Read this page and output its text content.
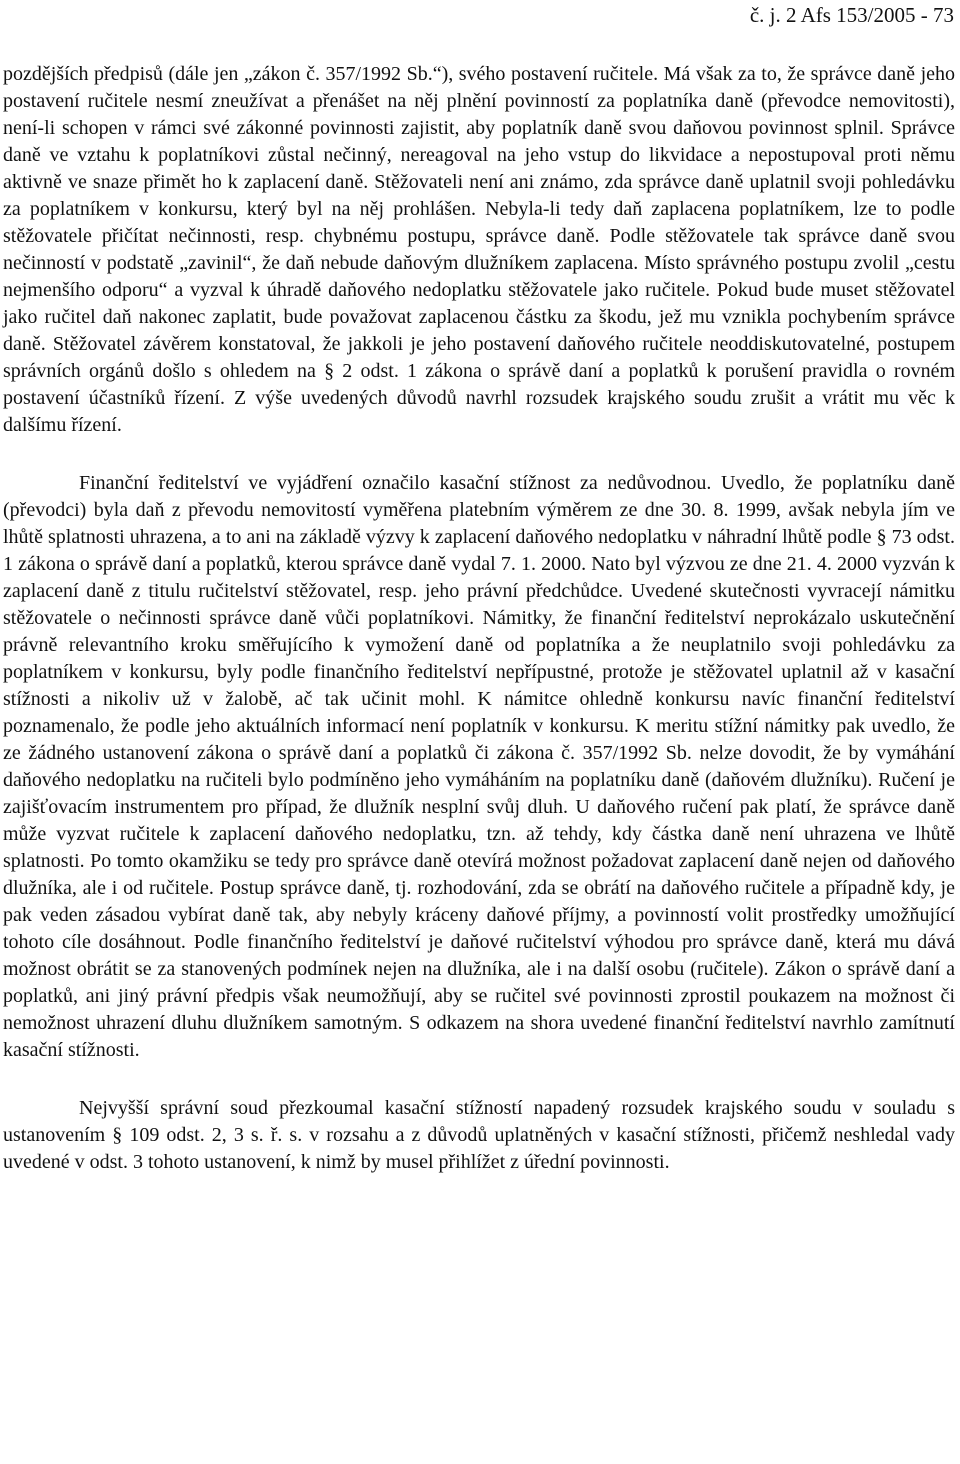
č. j. 2 Afs 153/2005 - 73

pozdějších předpisů (dále jen „zákon č. 357/1992 Sb.“), svého postavení ručitele. Má však za to, že správce daně jeho postavení ručitele nesmí zneužívat a přenášet na něj plnění povinností za poplatníka daně (převodce nemovitosti), není-li schopen v rámci své zákonné povinnosti zajistit, aby poplatník daně svou daňovou povinnost splnil. Správce daně ve vztahu k poplatníkovi zůstal nečinný, nereagoval na jeho vstup do likvidace a nepostupoval proti němu aktivně ve snaze přimět ho k zaplacení daně. Stěžovateli není ani známo, zda správce daně uplatnil svoji pohledávku za poplatníkem v konkursu, který byl na něj prohlášen. Nebyla-li tedy daň zaplacena poplatníkem, lze to podle stěžovatele přičítat nečinnosti, resp. chybnému postupu, správce daně. Podle stěžovatele tak správce daně svou nečinností v podstatě „zavinil“, že daň nebude daňovým dlužníkem zaplacena. Místo správného postupu zvolil „cestu nejmenšího odporu“ a vyzval k úhradě daňového nedoplatku stěžovatele jako ručitele. Pokud bude muset stěžovatel jako ručitel daň nakonec zaplatit, bude považovat zaplacenou částku za škodu, jež mu vznikla pochybením správce daně. Stěžovatel závěrem konstatoval, že jakkoli je jeho postavení daňového ručitele neoddiskutovatelné, postupem správních orgánů došlo s ohledem na § 2 odst. 1 zákona o správě daní a poplatků k porušení pravidla o rovném postavení účastníků řízení. Z výše uvedených důvodů navrhl rozsudek krajského soudu zrušit a vrátit mu věc k dalšímu řízení.

Finanční ředitelství ve vyjádření označilo kasační stížnost za nedůvodnou. Uvedlo, že poplatníku daně (převodci) byla daň z převodu nemovitostí vyměřena platebním výměrem ze dne 30. 8. 1999, avšak nebyla jím ve lhůtě splatnosti uhrazena, a to ani na základě výzvy k zaplacení daňového nedoplatku v náhradní lhůtě podle § 73 odst. 1 zákona o správě daní a poplatků, kterou správce daně vydal 7. 1. 2000. Nato byl výzvou ze dne 21. 4. 2000 vyzván k zaplacení daně z titulu ručitelství stěžovatel, resp. jeho právní předchůdce. Uvedené skutečnosti vyvracejí námitku stěžovatele o nečinnosti správce daně vůči poplatníkovi. Námitky, že finanční ředitelství neprokázalo uskutečnění právně relevantního kroku směřujícího k vymožení daně od poplatníka a že neuplatnilo svoji pohledávku za poplatníkem v konkursu, byly podle finančního ředitelství nepřípustné, protože je stěžovatel uplatnil až v kasační stížnosti a nikoliv už v žalobě, ač tak učinit mohl. K námitce ohledně konkursu navíc finanční ředitelství poznamenalo, že podle jeho aktuálních informací není poplatník v konkursu. K meritu stížní námitky pak uvedlo, že ze žádného ustanovení zákona o správě daní a poplatků či zákona č. 357/1992 Sb. nelze dovodit, že by vymáhání daňového nedoplatku na ručiteli bylo podmíněno jeho vymáháním na poplatníku daně (daňovém dlužníku). Ručení je zajišťovacím instrumentem pro případ, že dlužník nesplní svůj dluh. U daňového ručení pak platí, že správce daně může vyzvat ručitele k zaplacení daňového nedoplatku, tzn. až tehdy, kdy částka daně není uhrazena ve lhůtě splatnosti. Po tomto okamžiku se tedy pro správce daně otevírá možnost požadovat zaplacení daně nejen od daňového dlužníka, ale i od ručitele. Postup správce daně, tj. rozhodování, zda se obrátí na daňového ručitele a případně kdy, je pak veden zásadou vybírat daně tak, aby nebyly kráceny daňové příjmy, a povinností volit prostředky umožňující tohoto cíle dosáhnout. Podle finančního ředitelství je daňové ručitelství výhodou pro správce daně, která mu dává možnost obrátit se za stanovených podmínek nejen na dlužníka, ale i na další osobu (ručitele). Zákon o správě daní a poplatků, ani jiný právní předpis však neumožňují, aby se ručitel své povinnosti zprostil poukazem na možnost či nemožnost uhrazení dluhu dlužníkem samotným. S odkazem na shora uvedené finanční ředitelství navrhlo zamítnutí kasační stížnosti.

Nejvyšší správní soud přezkoumal kasační stížností napadený rozsudek krajského soudu v souladu s ustanovením § 109 odst. 2, 3 s. ř. s. v rozsahu a z důvodů uplatněných v kasační stížnosti, přičemž neshledal vady uvedené v odst. 3 tohoto ustanovení, k nimž by musel přihlížet z úřední povinnosti.
